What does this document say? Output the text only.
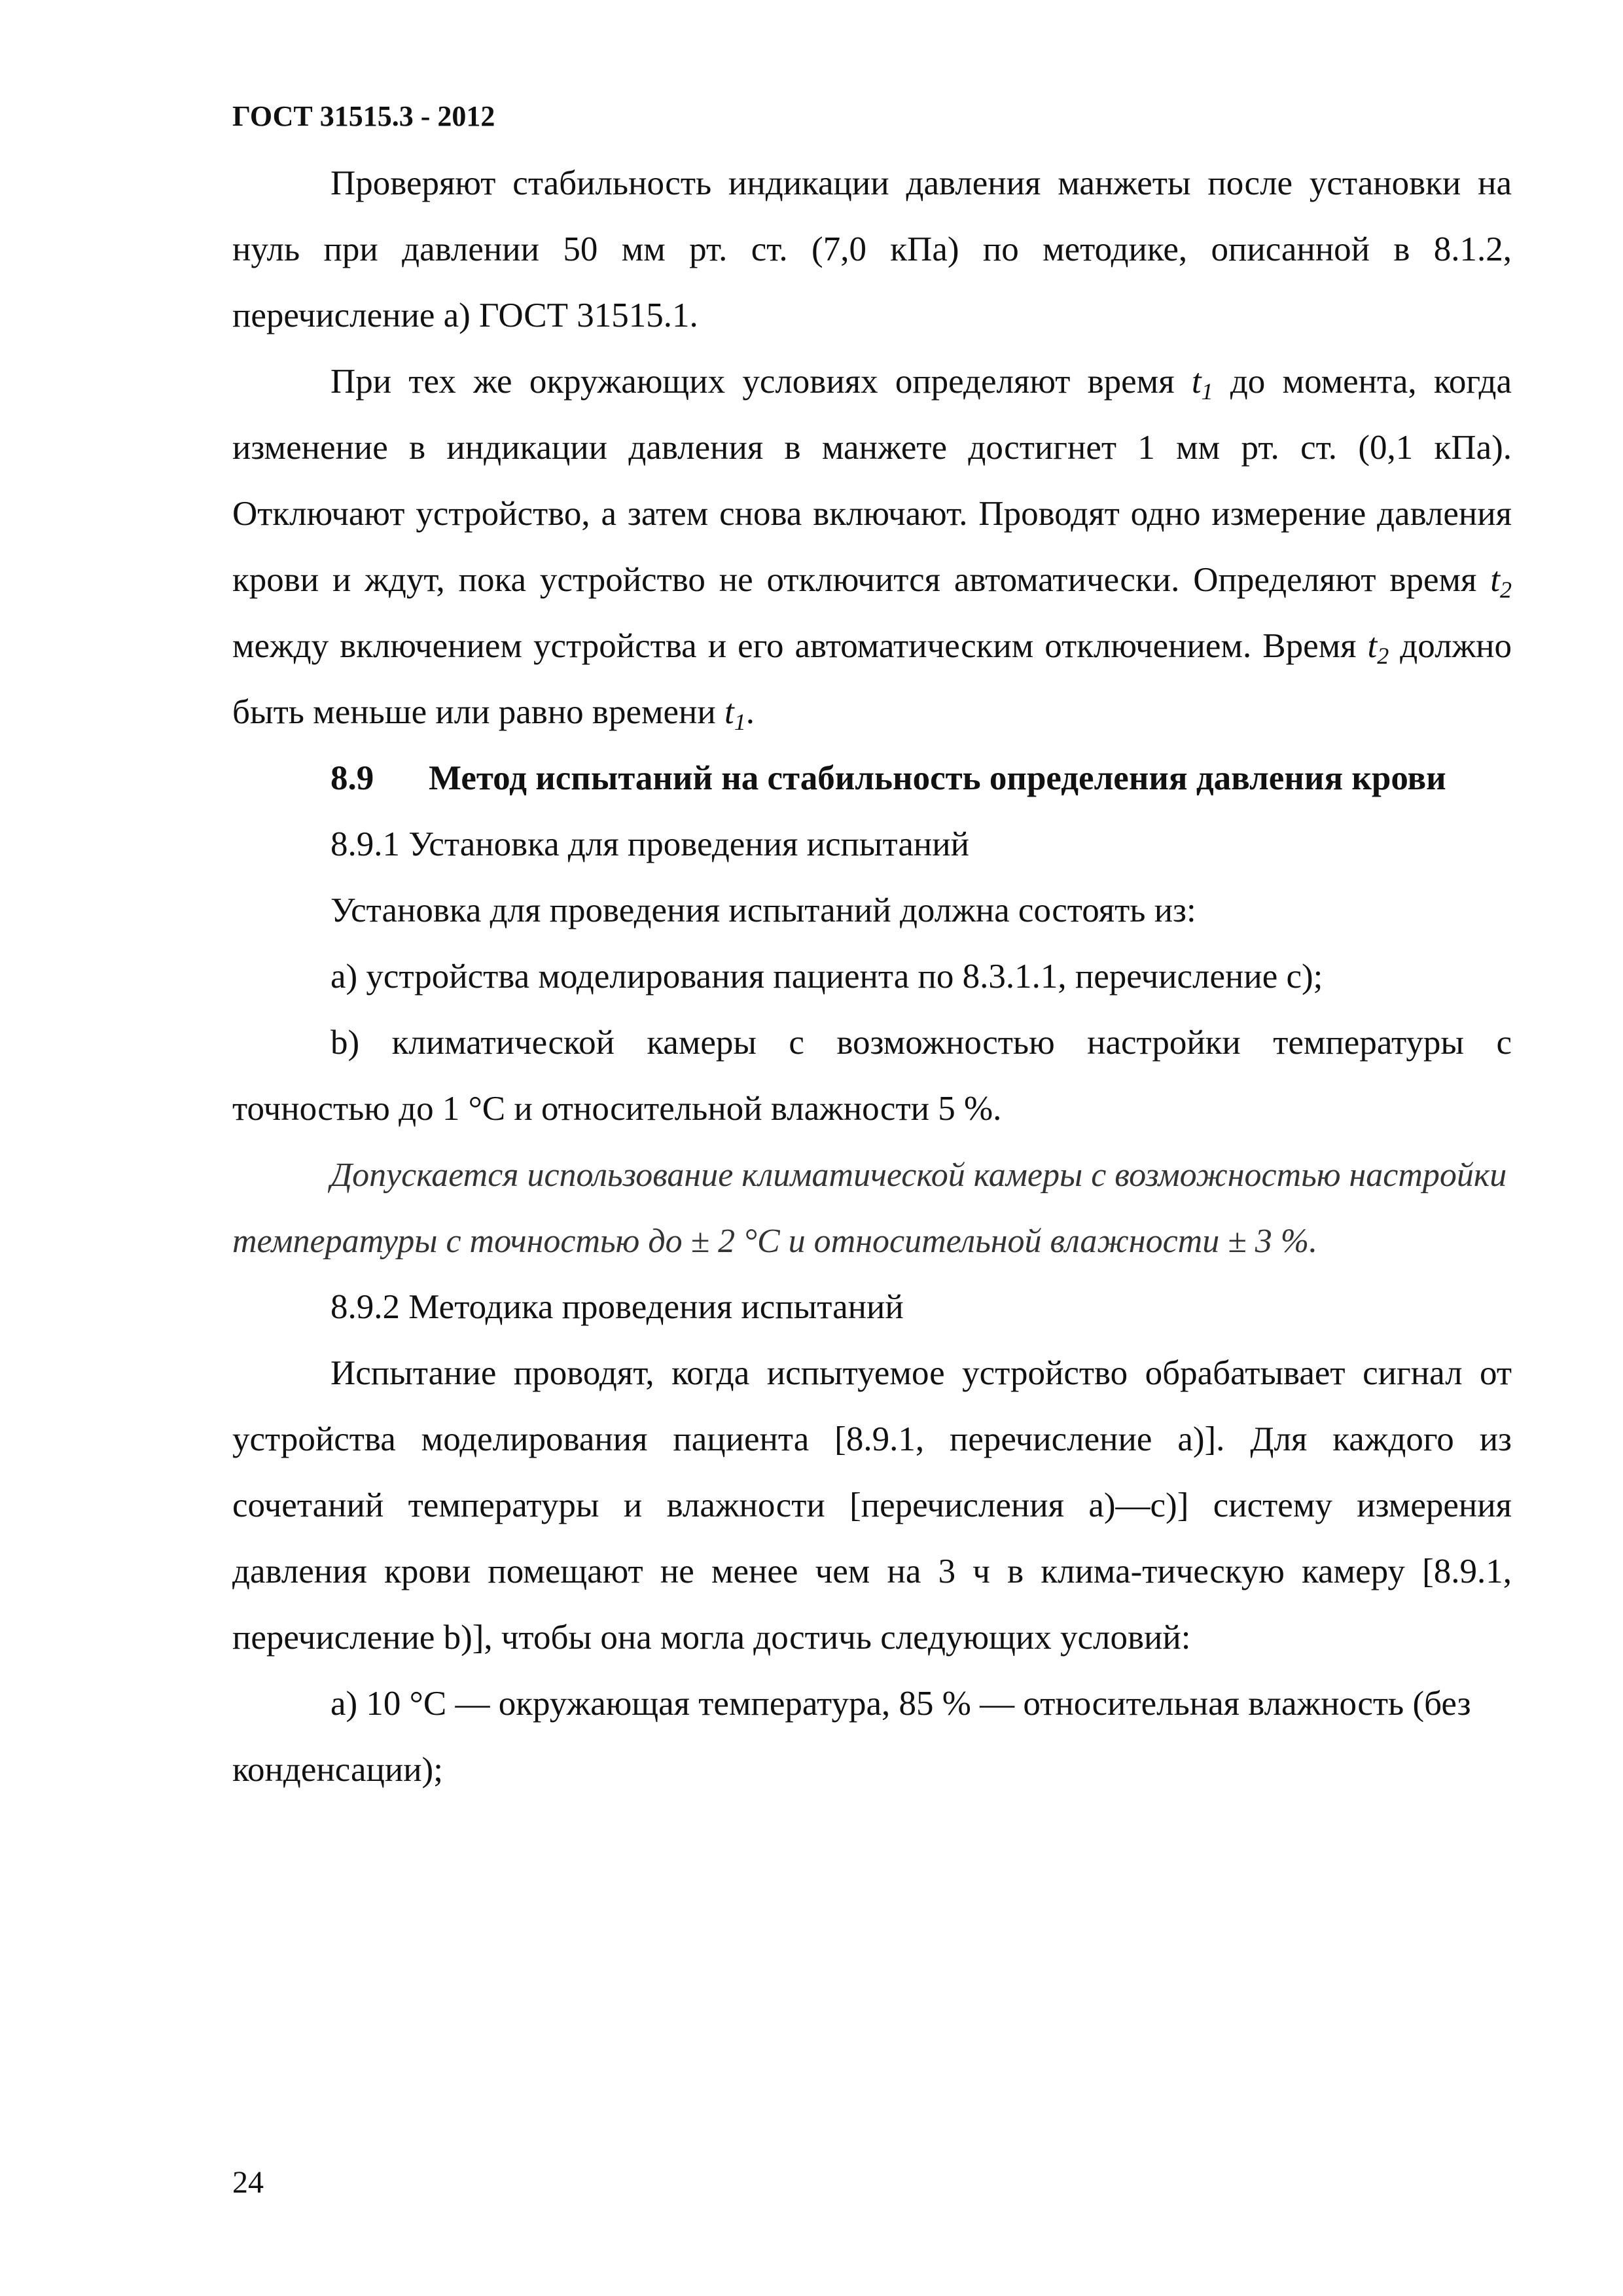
ГОСТ 31515.3 - 2012

Проверяют стабильность индикации давления манжеты после установки на нуль при давлении 50 мм рт. ст. (7,0 кПа) по методике, описанной в 8.1.2, перечисление а) ГОСТ 31515.1.

При тех же окружающих условиях определяют время $t_1$ до момента, когда изменение в индикации давления в манжете достигнет 1 мм рт. ст. (0,1 кПа). Отключают устройство, а затем снова включают. Проводят одно измерение давления крови и ждут, пока устройство не отключится автоматически. Определяют время $t_2$ между включением устройства и его автоматическим отключением. Время $t_2$ должно быть меньше или равно времени $t_1$.

8.9 Метод испытаний на стабильность определения давления крови

8.9.1 Установка для проведения испытаний

Установка для проведения испытаний должна состоять из:

а) устройства моделирования пациента по 8.3.1.1, перечисление с);

b) климатической камеры с возможностью настройки температуры с точностью до 1 °С и относительной влажности 5 %.

Допускается использование климатической камеры с возможностью настройки температуры с точностью до ± 2 °С и относительной влажности ± 3 %.

8.9.2 Методика проведения испытаний

Испытание проводят, когда испытуемое устройство обрабатывает сигнал от устройства моделирования пациента [8.9.1, перечисление а)]. Для каждого из сочетаний температуры и влажности [перечисления а)—с)] систему измерения давления крови помещают не менее чем на 3 ч в клима-тическую камеру [8.9.1, перечисление b)], чтобы она могла достичь следующих условий:

а) 10 °С — окружающая температура, 85 % — относительная влажность (без конденсации);

24
